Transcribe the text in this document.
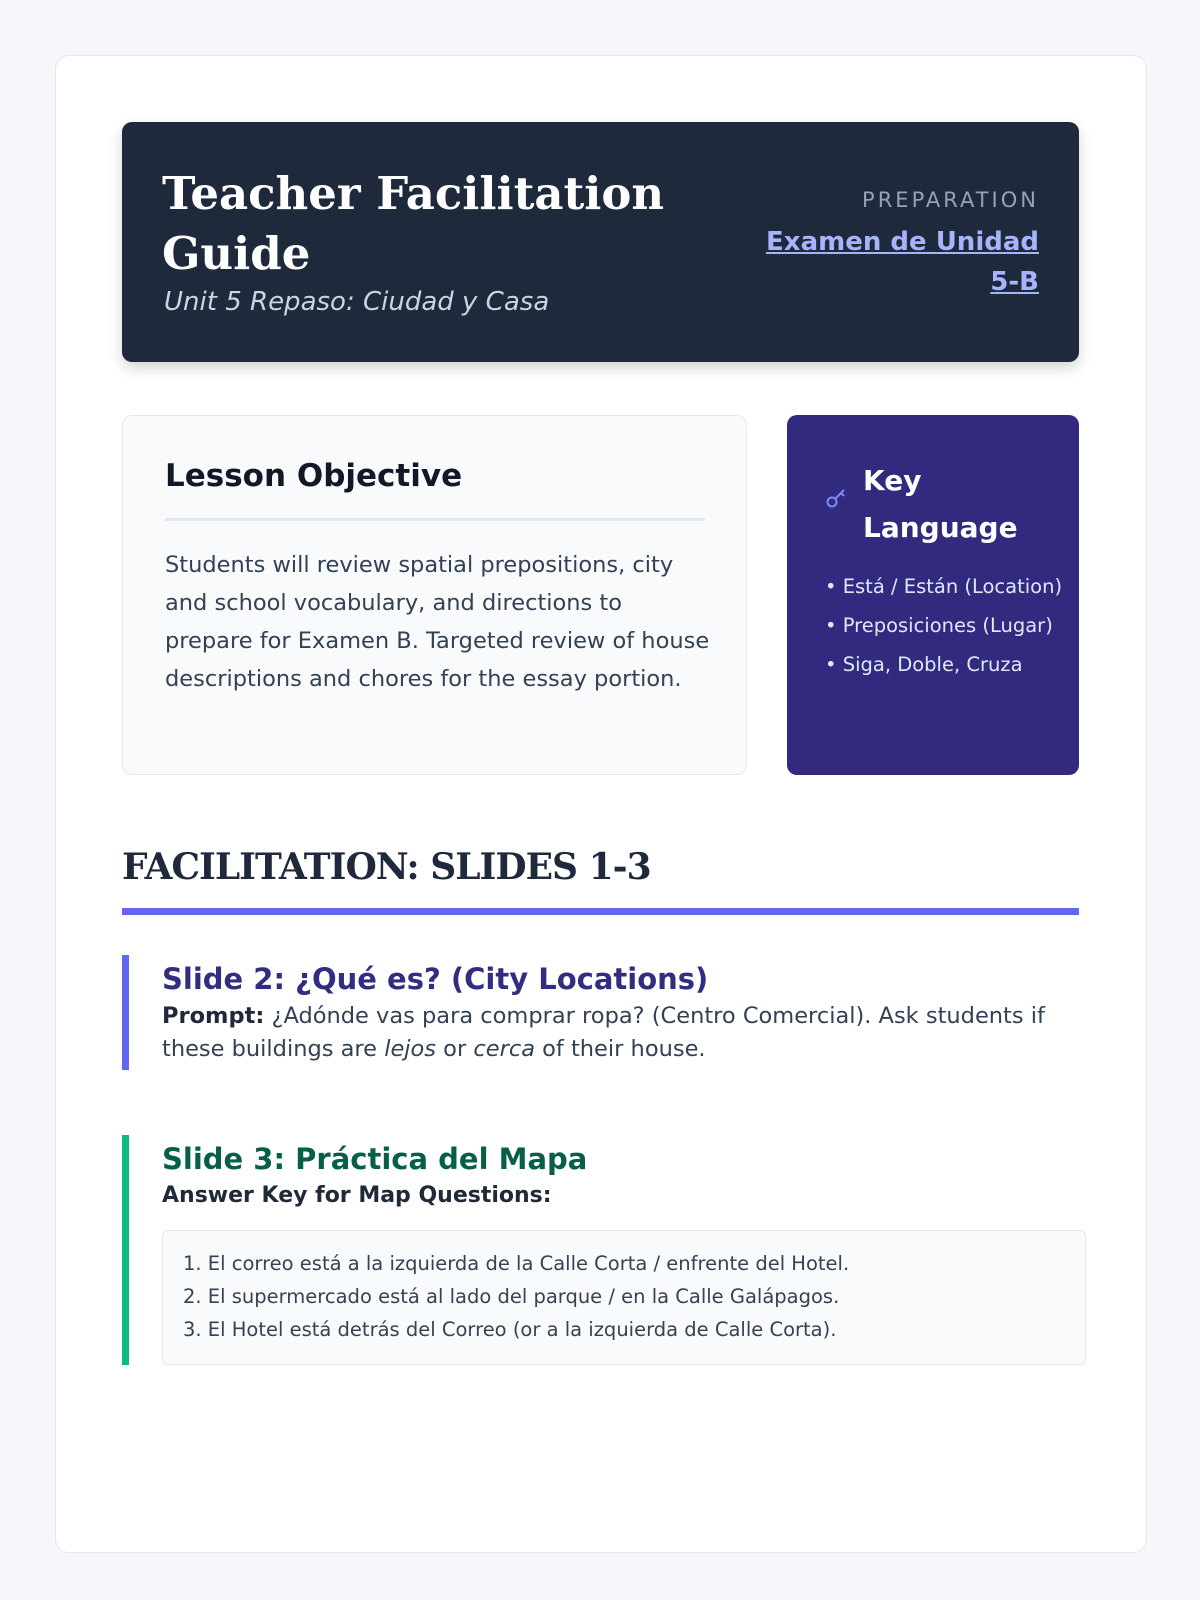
Teacher Facilitation Guide
Unit 5 Repaso: Ciudad y Casa
PREPARATION
Examen de Unidad 5-B
Lesson Objective
Students will review spatial prepositions, city and school vocabulary, and directions to prepare for Examen B. Targeted review of house descriptions and chores for the essay portion.
Key Language
• Está / Están (Location)
• Preposiciones (Lugar)
• Siga, Doble, Cruza
FACILITATION: SLIDES 1-3
Slide 2: ¿Qué es? (City Locations)
Prompt: ¿Adónde vas para comprar ropa? (Centro Comercial). Ask students if these buildings are lejos or cerca of their house.
Slide 3: Práctica del Mapa
Answer Key for Map Questions:
1. El correo está a la izquierda de la Calle Corta / enfrente del Hotel.
2. El supermercado está al lado del parque / en la Calle Galápagos.
3. El Hotel está detrás del Correo (or a la izquierda de Calle Corta).
